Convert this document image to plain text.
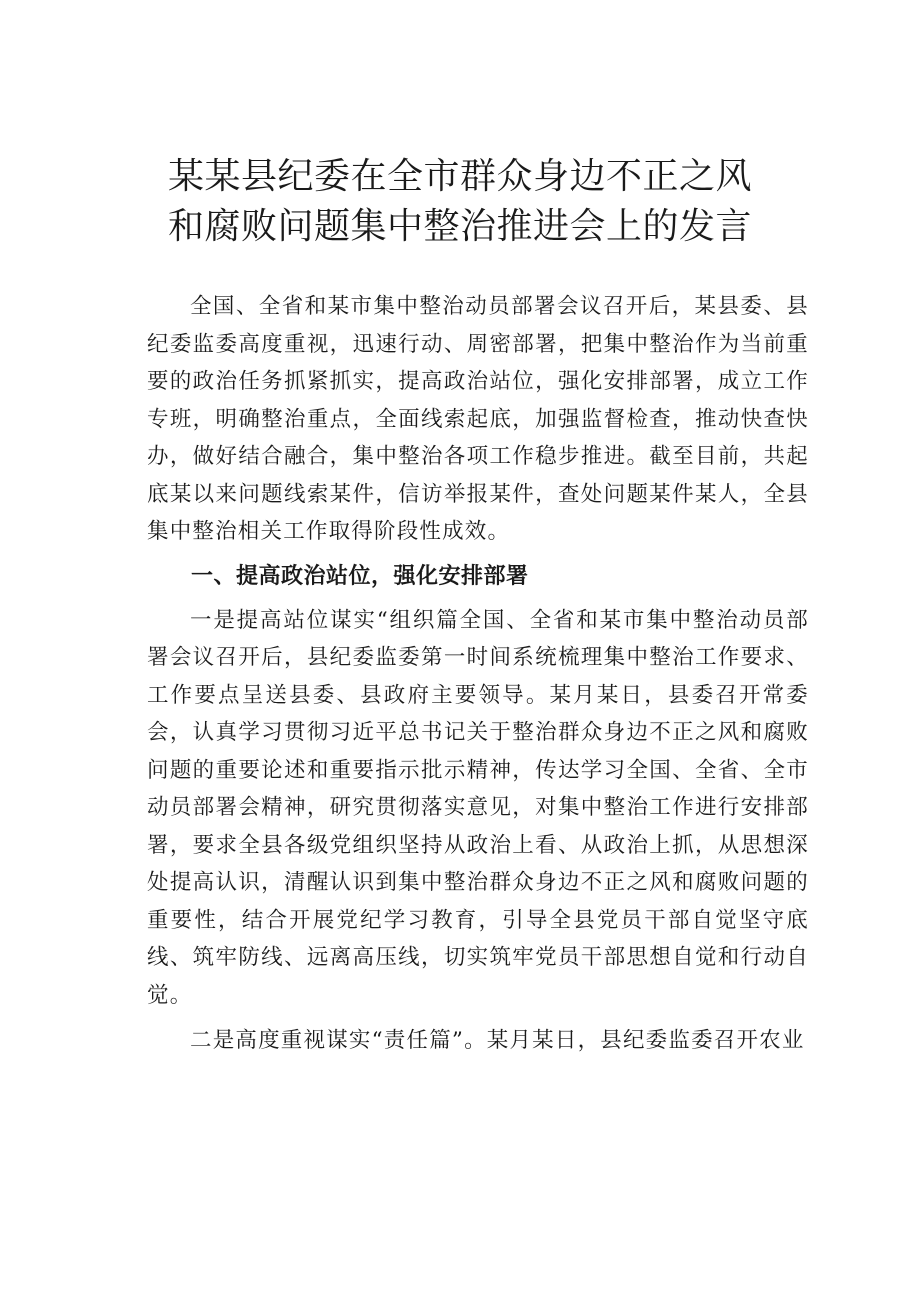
某某县纪委在全市群众身边不正之风
和腐败问题集中整治推进会上的发言

全国、全省和某市集中整治动员部署会议召开后，某县委、县纪委监委高度重视，迅速行动、周密部署，把集中整治作为当前重要的政治任务抓紧抓实，提高政治站位，强化安排部署，成立工作专班，明确整治重点，全面线索起底，加强监督检查，推动快查快办，做好结合融合，集中整治各项工作稳步推进。截至目前，共起底某以来问题线索某件，信访举报某件，查处问题某件某人，全县集中整治相关工作取得阶段性成效。

一、提高政治站位，强化安排部署

一是提高站位谋实“组织篇全国、全省和某市集中整治动员部署会议召开后，县纪委监委第一时间系统梳理集中整治工作要求、工作要点呈送县委、县政府主要领导。某月某日，县委召开常委会，认真学习贯彻习近平总书记关于整治群众身边不正之风和腐败问题的重要论述和重要指示批示精神，传达学习全国、全省、全市动员部署会精神，研究贯彻落实意见，对集中整治工作进行安排部署，要求全县各级党组织坚持从政治上看、从政治上抓，从思想深处提高认识，清醒认识到集中整治群众身边不正之风和腐败问题的重要性，结合开展党纪学习教育，引导全县党员干部自觉坚守底线、筑牢防线、远离高压线，切实筑牢党员干部思想自觉和行动自觉。

二是高度重视谋实“责任篇”。某月某日，县纪委监委召开农业
